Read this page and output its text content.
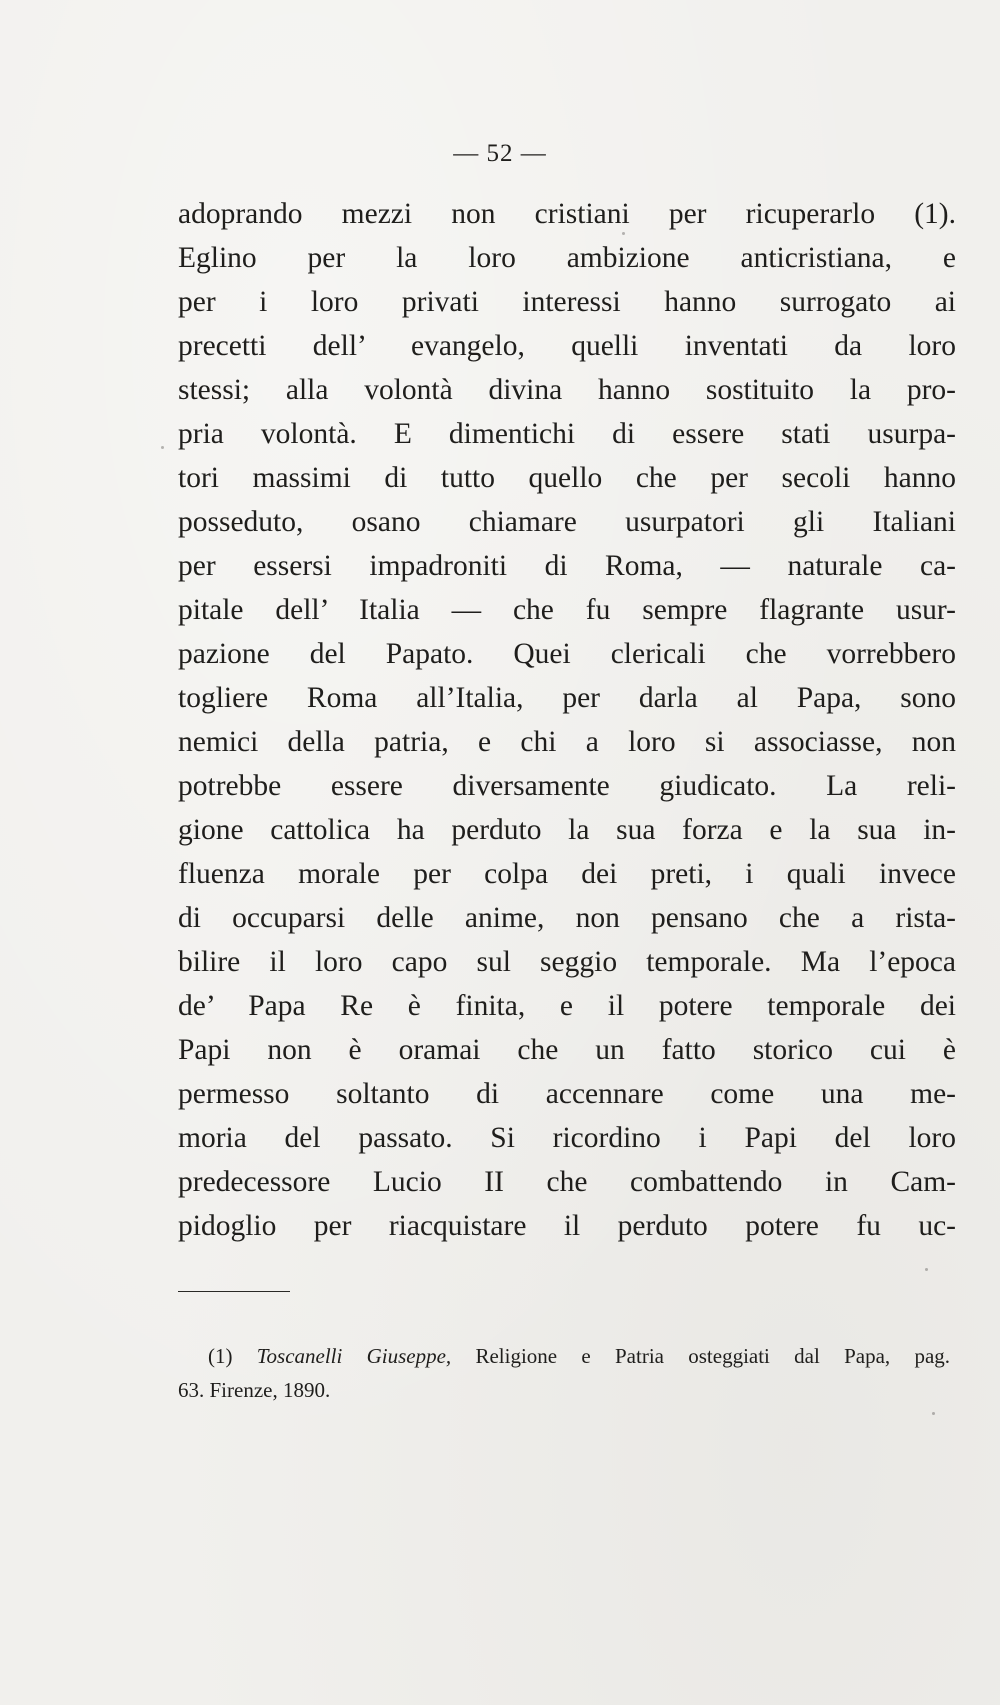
— 52 —
adoprando mezzi non cristiani per ricuperarlo (1).
Eglino per la loro ambizione anticristiana, e
per i loro privati interessi hanno surrogato ai
precetti dell’ evangelo, quelli inventati da loro
stessi; alla volontà divina hanno sostituito la pro-
pria volontà. E dimentichi di essere stati usurpa-
tori massimi di tutto quello che per secoli hanno
posseduto, osano chiamare usurpatori gli Italiani
per essersi impadroniti di Roma, — naturale ca-
pitale dell’ Italia — che fu sempre flagrante usur-
pazione del Papato. Quei clericali che vorrebbero
togliere Roma all’Italia, per darla al Papa, sono
nemici della patria, e chi a loro si associasse, non
potrebbe essere diversamente giudicato. La reli-
gione cattolica ha perduto la sua forza e la sua in-
fluenza morale per colpa dei preti, i quali invece
di occuparsi delle anime, non pensano che a rista-
bilire il loro capo sul seggio temporale. Ma l’epoca
de’ Papa Re è finita, e il potere temporale dei
Papi non è oramai che un fatto storico cui è
permesso soltanto di accennare come una me-
moria del passato. Si ricordino i Papi del loro
predecessore Lucio II che combattendo in Cam-
pidoglio per riacquistare il perduto potere fu uc-
(1) Toscanelli Giuseppe, Religione e Patria osteggiati dal Papa, pag.
63. Firenze, 1890.
